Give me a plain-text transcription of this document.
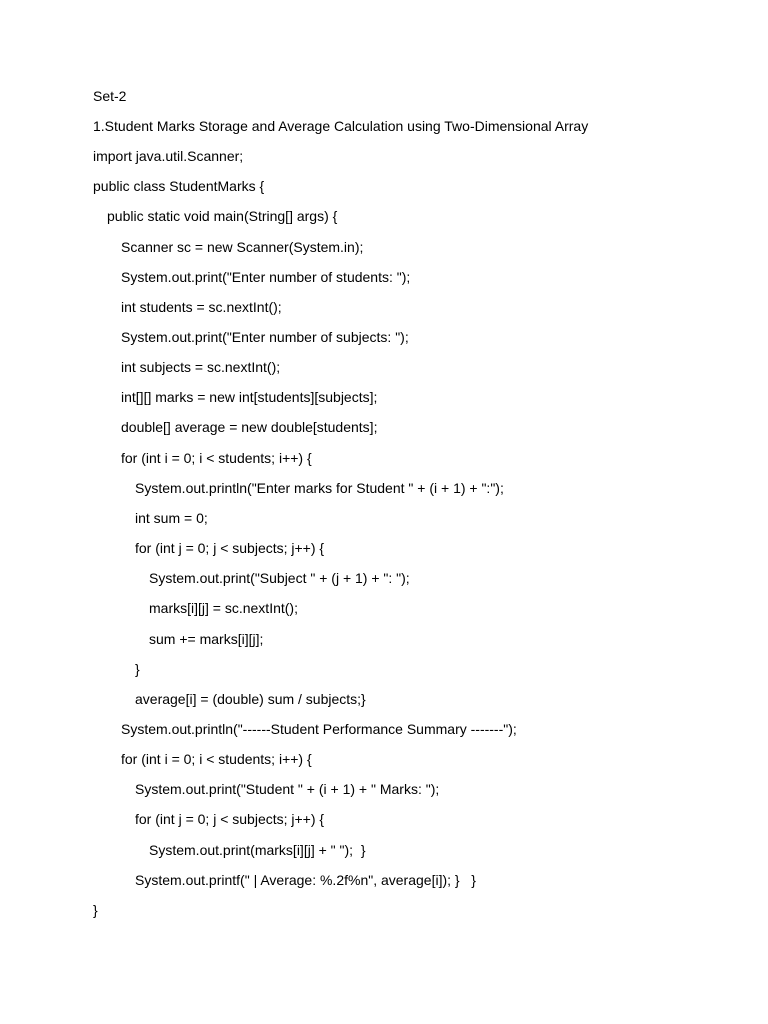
Set-2
1.Student Marks Storage and Average Calculation using Two-Dimensional Array
import java.util.Scanner;
public class StudentMarks {
public static void main(String[] args) {
Scanner sc = new Scanner(System.in);
System.out.print("Enter number of students: ");
int students = sc.nextInt();
System.out.print("Enter number of subjects: ");
int subjects = sc.nextInt();
int[][] marks = new int[students][subjects];
double[] average = new double[students];
for (int i = 0; i < students; i++) {
System.out.println("Enter marks for Student " + (i + 1) + ":");
int sum = 0;
for (int j = 0; j < subjects; j++) {
System.out.print("Subject " + (j + 1) + ": ");
marks[i][j] = sc.nextInt();
sum += marks[i][j];
}
average[i] = (double) sum / subjects;}
System.out.println("------Student Performance Summary -------");
for (int i = 0; i < students; i++) {
System.out.print("Student " + (i + 1) + " Marks: ");
for (int j = 0; j < subjects; j++) {
System.out.print(marks[i][j] + " ");  }
System.out.printf(" | Average: %.2f%n", average[i]); }   }
}
